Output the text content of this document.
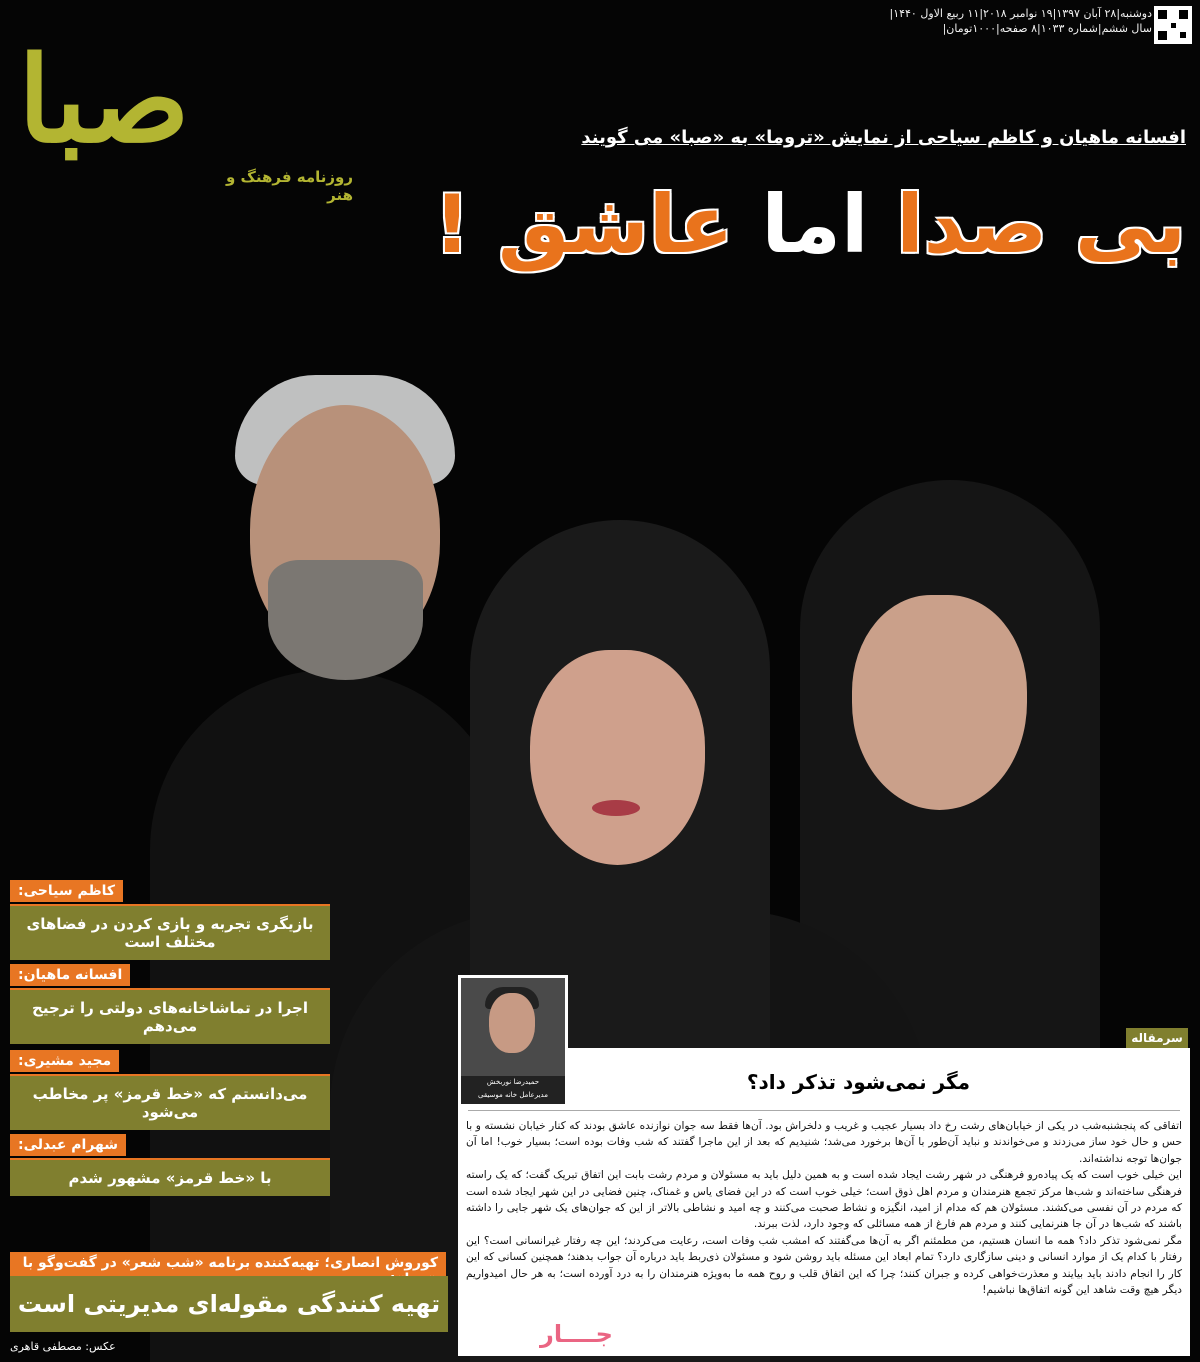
دوشنبه|۲۸ آبان ۱۳۹۷|۱۹ نوامبر ۲۰۱۸|۱۱ ربیع الاول ۱۴۴۰|
سال ششم|شماره ۱۰۳۳|۸ صفحه|۱۰۰۰تومان|
صبا
روزنامه فرهنگ و هنر
افسانه ماهیان و کاظم سیاحی از نمایش «تروما» به «صبا» می گویند
بی صدا اما عاشق !
کاظم سیاحی:
بازیگری تجربه و بازی کردن در فضاهای مختلف است
افسانه ماهیان:
اجرا در تماشاخانه‌های دولتی را ترجیح می‌دهم
مجید مشیری:
می‌دانستم که «خط قرمز» پر مخاطب می‌شود
شهرام عبدلی:
با «خط قرمز» مشهور شدم
کوروش انصاری؛ تهیه‌کننده برنامه «شب شعر» در گفت‌وگو با
تهیه کنندگی مقوله‌ای مدیریتی است
عکس: مصطفی قاهری
سرمقاله
حمیدرضا نوربخش
مدیرعامل خانه موسیقی
مگر نمی‌شود تذکر داد؟

اتفاقی که پنجشنبه‌شب در یکی از خیابان‌های رشت رخ داد بسیار عجیب و غریب و دلخراش بود. آن‌ها فقط سه جوان نوازنده عاشق بودند که کنار خیابان نشسته و با حس و حال خود ساز می‌زدند و می‌خواندند و نباید آن‌طور با آن‌ها برخورد می‌شد؛ شنیدیم که بعد از این ماجرا گفتند که شب وفات بوده است؛ بسیار خوب! اما آن جوان‌ها توجه نداشته‌اند.

این خیلی خوب است که یک پیاده‌رو فرهنگی در شهر رشت ایجاد شده است و به همین دلیل باید به مسئولان و مردم رشت بابت این اتفاق تبریک گفت؛ که یک راسته فرهنگی ساخته‌اند و شب‌ها مرکز تجمع هنرمندان و مردم اهل ذوق است؛ خیلی خوب است که در این فضای یاس و غمناک، چنین فضایی در این شهر ایجاد شده است که مردم در آن نفسی می‌کشند. مسئولان هم که مدام از امید، انگیزه و نشاط صحبت می‌کنند و چه امید و نشاطی بالاتر از این که جوان‌های یک شهر جایی را داشته باشند که شب‌ها در آن جا هنرنمایی کنند و مردم هم فارغ از همه مسائلی که وجود دارد، لذت ببرند.

مگر نمی‌شود تذکر داد؟ همه ما انسان هستیم، من مطمئنم اگر به آن‌ها می‌گفتند که امشب شب وفات است، رعایت می‌کردند؛ این چه رفتار غیرانسانی است؟ این رفتار با کدام یک از موارد انسانی و دینی سازگاری دارد؟ تمام ابعاد این مسئله باید روشن شود و مسئولان ذی‌ربط باید درباره آن جواب بدهند؛ همچنین کسانی که این کار را انجام دادند باید بیایند و معذرت‌خواهی کرده و جبران کنند؛ چرا که این اتفاق قلب و روح همه ما به‌ویژه هنرمندان را به درد آورده است؛ به هر حال امیدواریم دیگر هیچ وقت شاهد این گونه اتفاق‌ها نباشیم!

جــــار
